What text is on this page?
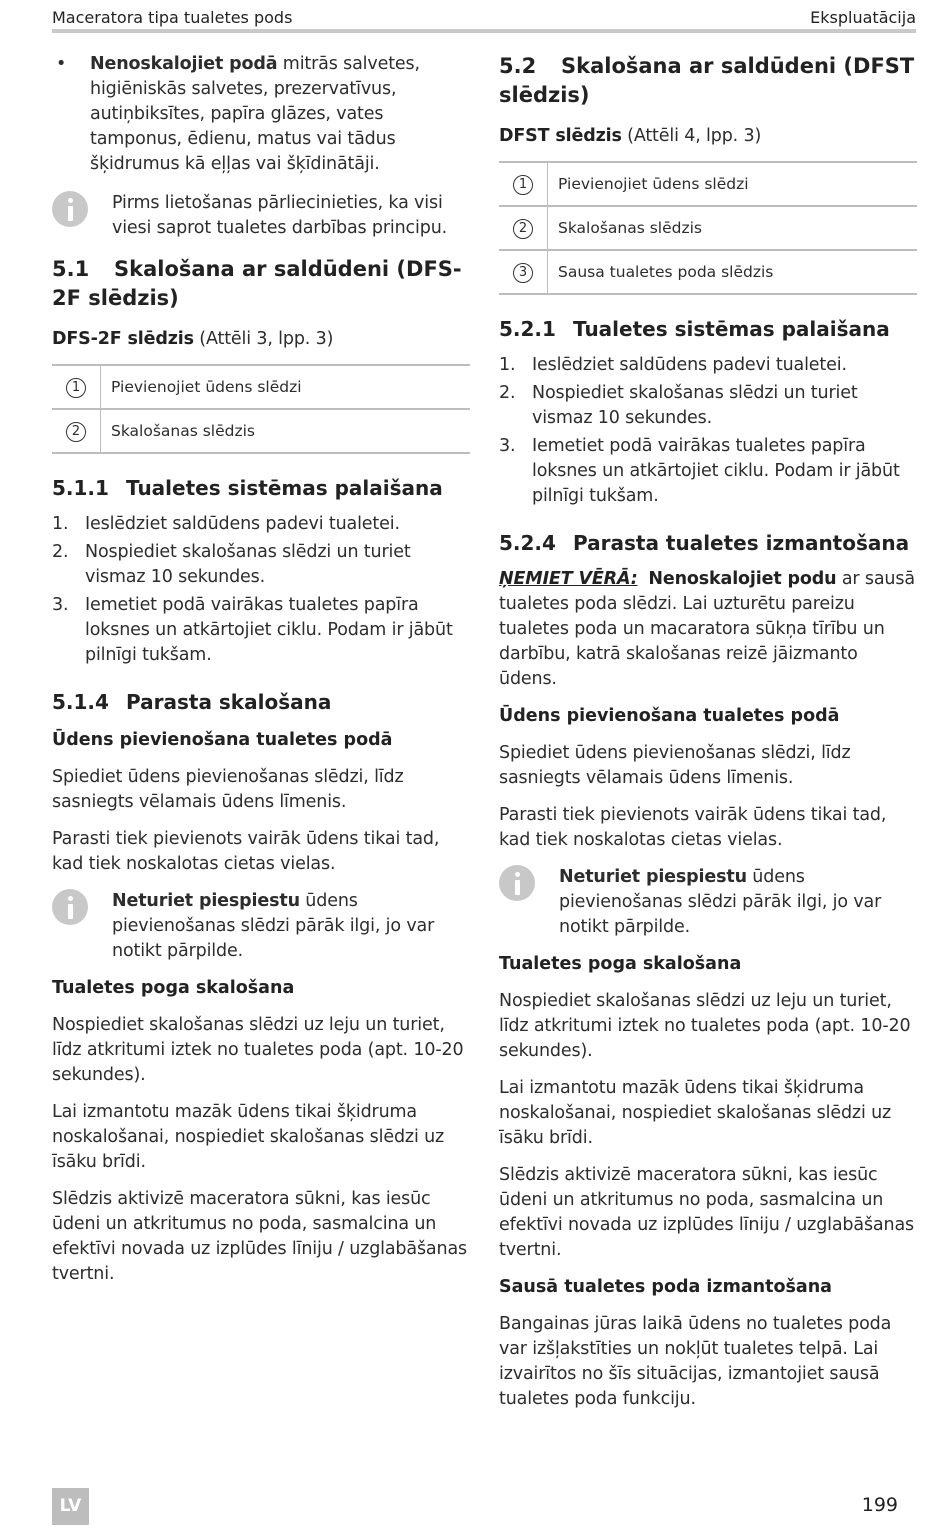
Maceratora tipa tualetes pods	Ekspluatācija
• Nenoskalojiet podā mitrās salvetes, higiēniskās salvetes, prezervatīvus, autiņbiksītes, papīra glāzes, vates tamponus, ēdienu, matus vai tādus šķidrumus kā eļļas vai šķīdinātāji.
Pirms lietošanas pārliecinieties, ka visi viesi saprot tualetes darbības principu.
5.1 Skalošana ar saldūdeni (DFS-2F slēdzis)
DFS-2F slēdzis (Attēli 3, lpp. 3)
1	Pievienojiet ūdens slēdzi
2	Skalošanas slēdzis
5.1.1 Tualetes sistēmas palaišana
1. Ieslēdziet saldūdens padevi tualetei.
2. Nospiediet skalošanas slēdzi un turiet vismaz 10 sekundes.
3. Iemetiet podā vairākas tualetes papīra loksnes un atkārtojiet ciklu. Podam ir jābūt pilnīgi tukšam.
5.1.4 Parasta skalošana
Ūdens pievienošana tualetes podā
Spiediet ūdens pievienošanas slēdzi, līdz sasniegts vēlamais ūdens līmenis.
Parasti tiek pievienots vairāk ūdens tikai tad, kad tiek noskalotas cietas vielas.
Neturiet piespiestu ūdens pievienošanas slēdzi pārāk ilgi, jo var notikt pārpilde.
Tualetes poga skalošana
Nospiediet skalošanas slēdzi uz leju un turiet, līdz atkritumi iztek no tualetes poda (apt. 10-20 sekundes).
Lai izmantotu mazāk ūdens tikai šķidruma noskalošanai, nospiediet skalošanas slēdzi uz īsāku brīdi.
Slēdzis aktivizē maceratora sūkni, kas iesūc ūdeni un atkritumus no poda, sasmalcina un efektīvi novada uz izplūdes līniju / uzglabāšanas tvertni.
5.2 Skalošana ar saldūdeni (DFST slēdzis)
DFST slēdzis (Attēli 4, lpp. 3)
1	Pievienojiet ūdens slēdzi
2	Skalošanas slēdzis
3	Sausa tualetes poda slēdzis
5.2.1 Tualetes sistēmas palaišana
1. Ieslēdziet saldūdens padevi tualetei.
2. Nospiediet skalošanas slēdzi un turiet vismaz 10 sekundes.
3. Iemetiet podā vairākas tualetes papīra loksnes un atkārtojiet ciklu. Podam ir jābūt pilnīgi tukšam.
5.2.4 Parasta tualetes izmantošana
ŅEMIET VĒRĀ: Nenoskalojiet podu ar sausā tualetes poda slēdzi. Lai uzturētu pareizu tualetes poda un macaratora sūkņa tīrību un darbību, katrā skalošanas reizē jāizmanto ūdens.
Ūdens pievienošana tualetes podā
Spiediet ūdens pievienošanas slēdzi, līdz sasniegts vēlamais ūdens līmenis.
Parasti tiek pievienots vairāk ūdens tikai tad, kad tiek noskalotas cietas vielas.
Neturiet piespiestu ūdens pievienošanas slēdzi pārāk ilgi, jo var notikt pārpilde.
Tualetes poga skalošana
Nospiediet skalošanas slēdzi uz leju un turiet, līdz atkritumi iztek no tualetes poda (apt. 10-20 sekundes).
Lai izmantotu mazāk ūdens tikai šķidruma noskalošanai, nospiediet skalošanas slēdzi uz īsāku brīdi.
Slēdzis aktivizē maceratora sūkni, kas iesūc ūdeni un atkritumus no poda, sasmalcina un efektīvi novada uz izplūdes līniju / uzglabāšanas tvertni.
Sausā tualetes poda izmantošana
Bangainas jūras laikā ūdens no tualetes poda var izšļakstīties un nokļūt tualetes telpā. Lai izvairītos no šīs situācijas, izmantojiet sausā tualetes poda funkciju.
LV	199
